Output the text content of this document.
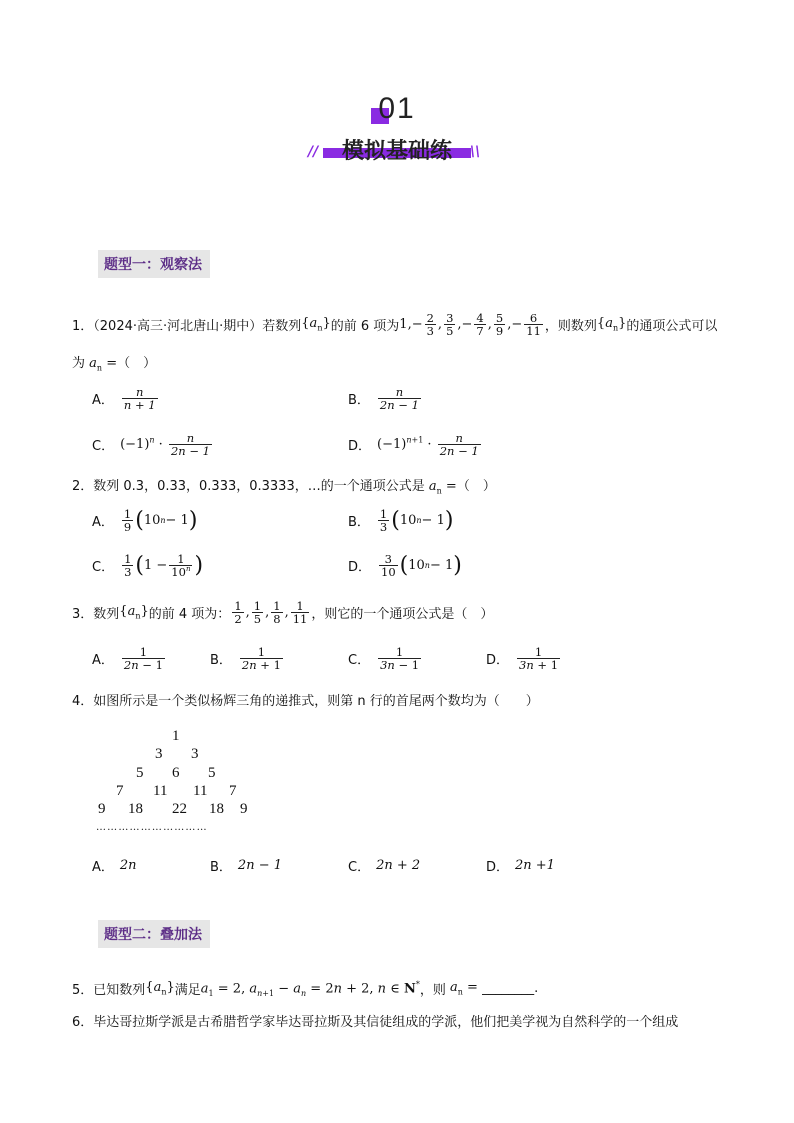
01
//	\\
模拟基础练
题型一：观察法
1．（2024·高三·河北唐山·期中）若数列 $\{a_n\}$ 的前 6 项为 $1,- \frac{2}{3}$ , $\frac{3}{5}$ ,− $\frac{4}{7}$ , $\frac{5}{9}$ ,− $\frac{6}{11}$ ，则数列 $\{a_n\}$ 的通项公式可以
为 $a_n$ =（　）
A． $\frac{n}{n + 1}$	B． $\frac{n}{2n - 1}$
C． $(-1)^n \cdot \frac{n}{2n - 1}$	D． $(-1)^{n+1} \cdot \frac{n}{2n - 1}$
2．数列 0.3，0.33，0.333，0.3333，…的一个通项公式是 $a_n$ =（　）
A． $\frac{1}{9}$ ( 10 n − 1 )	B． $\frac{1}{3}$ ( 10 n − 1 )
C． $\frac{1}{3}$ ( $1 - \frac{1}{10^n}$ )	D． $\frac{3}{10}$ ( 10 n − 1 )
3．数列 $\{a_n\}$ 的前 4 项为： $\frac{1}{2}$ , $\frac{1}{5}$ , $\frac{1}{8}$ , $\frac{1}{11}$ ，则它的一个通项公式是（　）
A． $\frac{1}{2n - 1}$	B． $\frac{1}{2n + 1}$	C． $\frac{1}{3n - 1}$	D． $\frac{1}{3n + 1}$
4．如图所示是一个类似杨辉三角的递推式，则第 n 行的首尾两个数均为（　　）
1
3 3
5 6 5
7 11 11 7
9 18 22 18 9
… … … … … … … … … …
A． 2n	B． 2n − 1	C． 2n + 2	D． 2n +1
题型二：叠加法
5．已知数列 $\{a_n\}$ 满足 $a_1 = 2$, $a_{n+1} - a_n = 2n + 2$, n ∈ N* ，则 $a_n$ = ________ .
6．毕达哥拉斯学派是古希腊哲学家毕达哥拉斯及其信徒组成的学派，他们把美学视为自然科学的一个组成
